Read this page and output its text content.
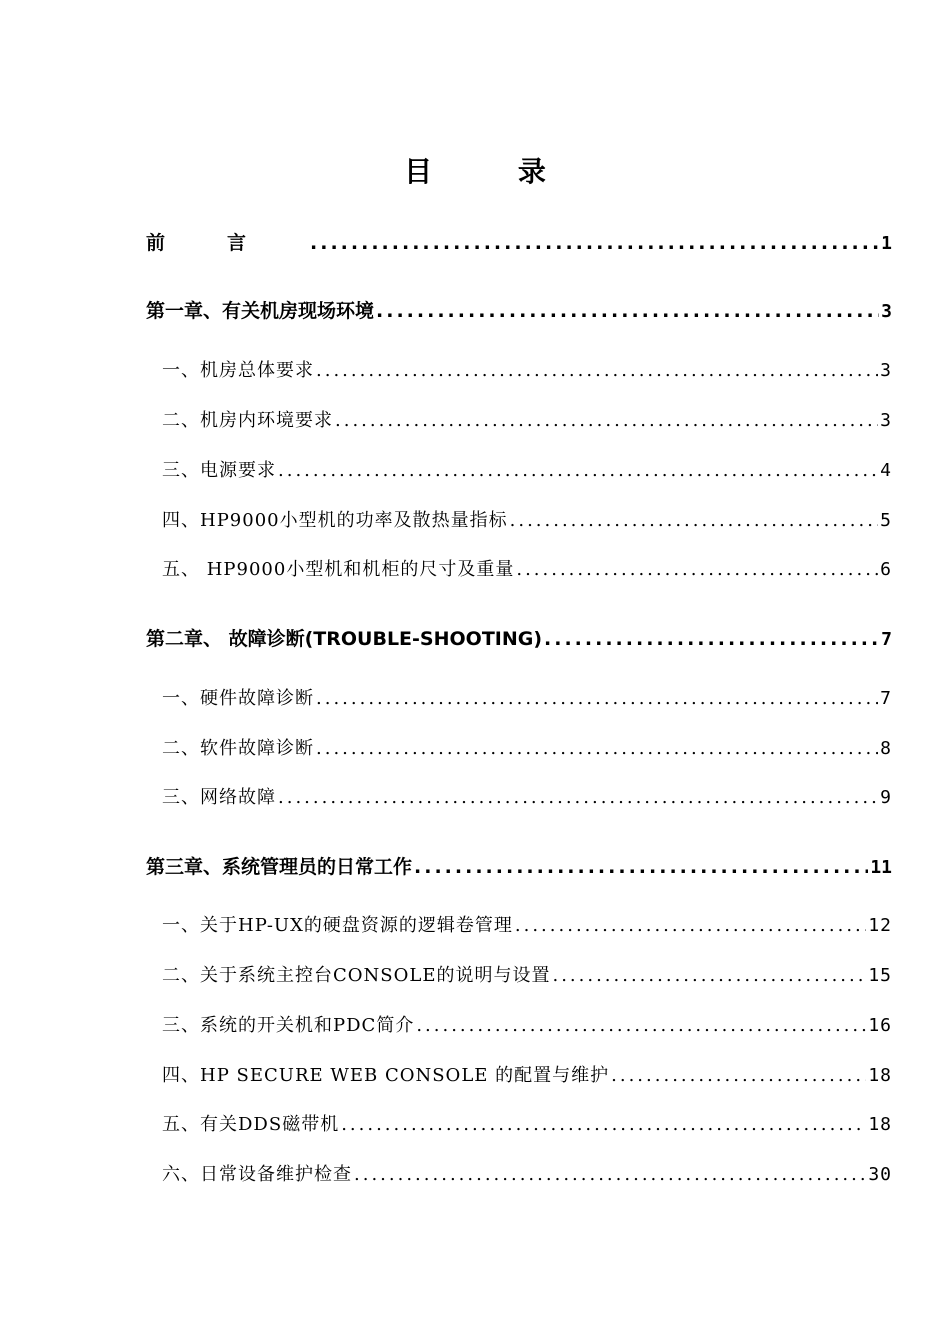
目 录
前言 .....	1
第一章、有关机房现场环境 .....	3
一、机房总体要求 .....	3
二、机房内环境要求 .....	3
三、电源要求 .....	4
四、HP9000小型机的功率及散热量指标 .....	5
五、 HP9000小型机和机柜的尺寸及重量 .....	6
第二章、 故障诊断(TROUBLE-SHOOTING) .....	7
一、硬件故障诊断 .....	7
二、软件故障诊断 .....	8
三、网络故障 .....	9
第三章、系统管理员的日常工作 .....	11
一、关于HP-UX的硬盘资源的逻辑卷管理 .....	12
二、关于系统主控台CONSOLE的说明与设置 .....	15
三、系统的开关机和PDC简介 .....	16
四、HP SECURE WEB CONSOLE 的配置与维护 .....	18
五、有关DDS磁带机 .....	18
六、日常设备维护检查 .....	30
